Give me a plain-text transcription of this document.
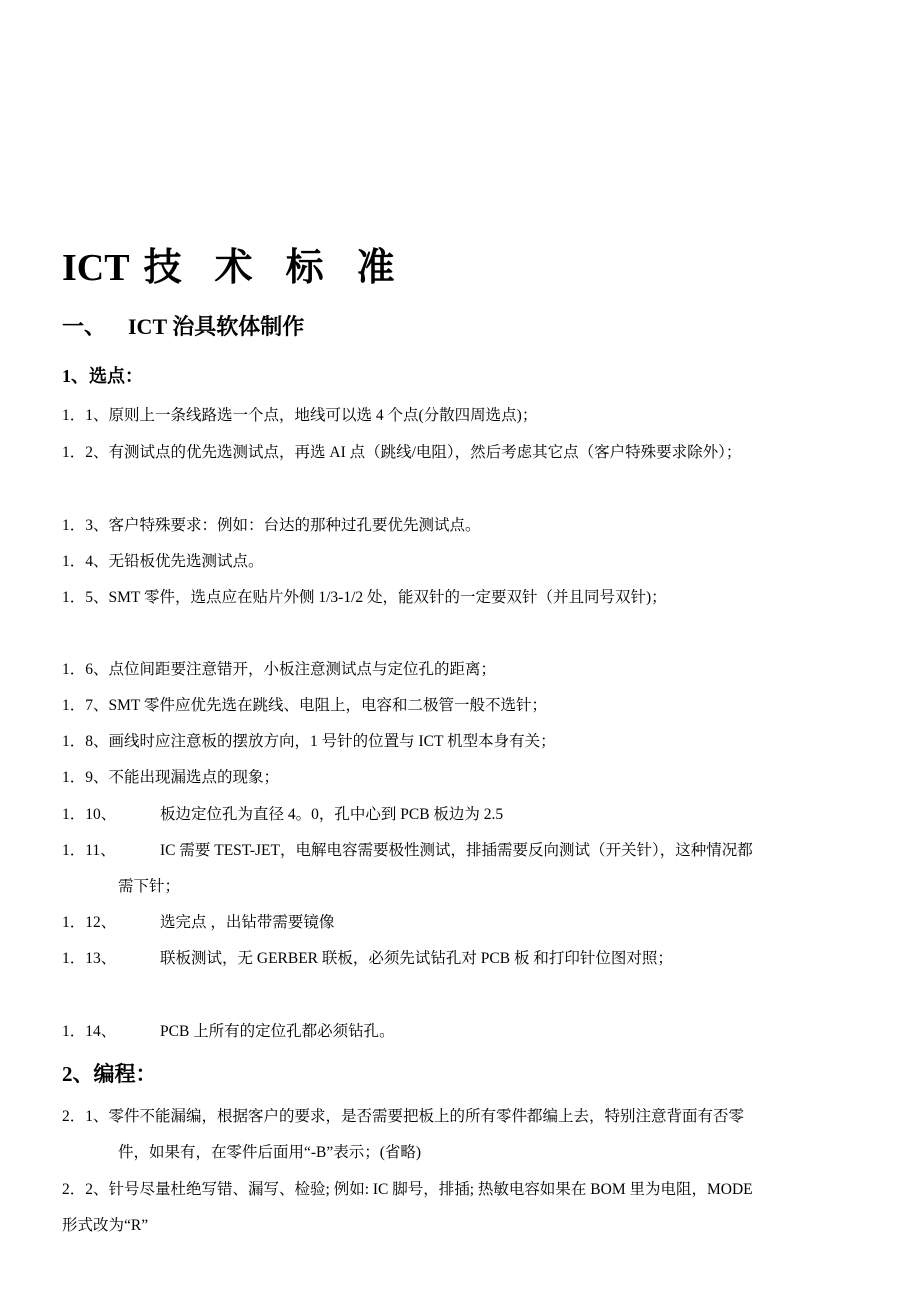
ICT 技 术 标 准
一、 ICT 治具软体制作
1、选点：
1．1、原则上一条线路选一个点，地线可以选 4 个点(分散四周选点)；
1．2、有测试点的优先选测试点，再选 AI 点（跳线/电阻），然后考虑其它点（客户特殊要求除外）；
1．3、客户特殊要求：例如：台达的那种过孔要优先测试点。
1．4、无铅板优先选测试点。
1．5、SMT 零件，选点应在贴片外侧 1/3-1/2 处，能双针的一定要双针（并且同号双针)；
1．6、点位间距要注意错开，小板注意测试点与定位孔的距离；
1．7、SMT 零件应优先选在跳线、电阻上，电容和二极管一般不选针；
1．8、画线时应注意板的摆放方向，1 号针的位置与 ICT 机型本身有关；
1．9、不能出现漏选点的现象；
1．10、	板边定位孔为直径 4。0，孔中心到 PCB 板边为 2.5
1．11、	IC 需要 TEST-JET，电解电容需要极性测试，排插需要反向测试（开关针），这种情况都
需下针；
1．12、	选完点 ，出钻带需要镜像
1．13、	联板测试，无 GERBER 联板，必须先试钻孔对 PCB 板 和打印针位图对照；
1．14、	PCB 上所有的定位孔都必须钻孔。
2、编程：
2．1、零件不能漏编，根据客户的要求，是否需要把板上的所有零件都编上去，特别注意背面有否零
件，如果有，在零件后面用“-B”表示；(省略)
2．2、针号尽量杜绝写错、漏写、检验; 例如: IC 脚号，排插; 热敏电容如果在 BOM 里为电阻，MODE
形式改为“R”
